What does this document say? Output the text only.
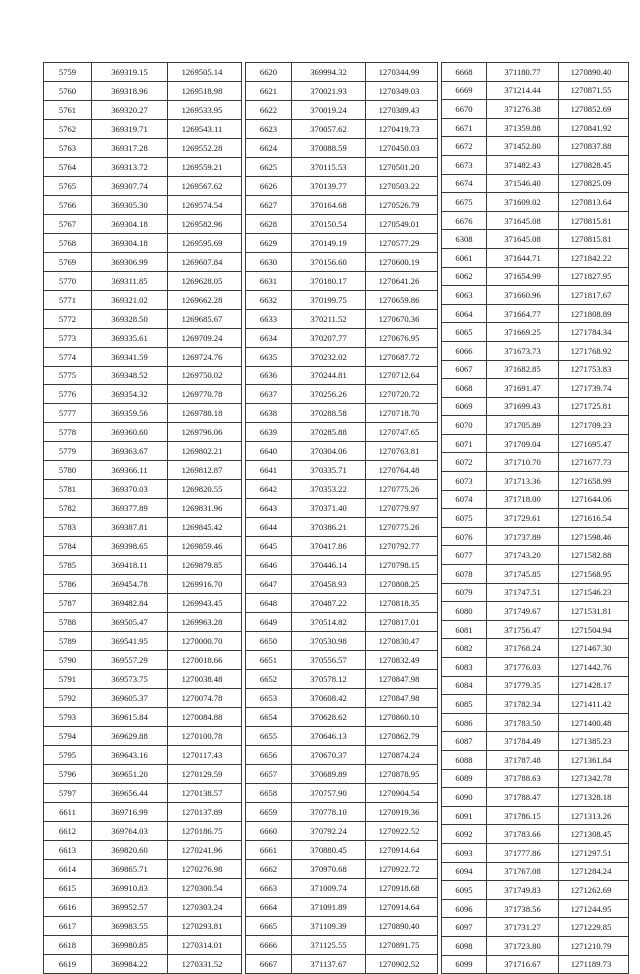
5759	369319.15	1269505.14
5760	369318.96	1269518.98
5761	369320.27	1269533.95
5762	369319.71	1269543.11
5763	369317.28	1269552.28
5764	369313.72	1269559.21
5765	369307.74	1269567.62
5766	369305.30	1269574.54
5767	369304.18	1269582.96
5768	369304.18	1269595.69
5769	369306.99	1269607.84
5770	369311.85	1269628.05
5771	369321.02	1269662.28
5772	369328.50	1269685.67
5773	369335.61	1269709.24
5774	369341.59	1269724.76
5775	369348.52	1269750.02
5776	369354.32	1269770.78
5777	369359.56	1269788.18
5778	369360.60	1269796.06
5779	369363.67	1269802.21
5780	369366.11	1269812.87
5781	369370.03	1269820.55
5782	369377.89	1269831.96
5783	369387.81	1269845.42
5784	369398.65	1269859.46
5785	369418.11	1269879.85
5786	369454.78	1269916.70
5787	369482.84	1269943.45
5788	369505.47	1269963.28
5789	369541.95	1270000.70
5790	369557.29	1270018.66
5791	369573.75	1270038.48
5792	369605.37	1270074.78
5793	369615.84	1270084.88
5794	369629.88	1270100.78
5795	369643.16	1270117.43
5796	369651.20	1270129.59
5797	369656.44	1270138.57
6611	369716.99	1270137.89
6612	369764.03	1270186.75
6613	369820.60	1270241.96
6614	369865.71	1270276.98
6615	369910.83	1270300.54
6616	369952.57	1270303.24
6617	369983.55	1270293.81
6618	369980.85	1270314.01
6619	369984.22	1270331.52
6620	369994.32	1270344.99
6621	370021.93	1270349.03
6622	370019.24	1270389.43
6623	370057.62	1270419.73
6624	370088.59	1270450.03
6625	370115.53	1270501.20
6626	370139.77	1270503.22
6627	370164.68	1270526.79
6628	370150.54	1270549.01
6629	370149.19	1270577.29
6630	370156.60	1270600.19
6631	370180.17	1270641.26
6632	370199.75	1270659.86
6633	370211.52	1270670.36
6634	370207.77	1270676.95
6635	370232.02	1270687.72
6636	370244.81	1270712.64
6637	370256.26	1270720.72
6638	370288.58	1270718.70
6639	370285.88	1270747.65
6640	370304.06	1270763.81
6641	370335.71	1270764.48
6642	370353.22	1270775.26
6643	370371.40	1270779.97
6644	370386.21	1270775.26
6645	370417.86	1270792.77
6646	370446.14	1270798.15
6647	370458.93	1270808.25
6648	370487.22	1270818.35
6649	370514.82	1270817.01
6650	370530.98	1270830.47
6651	370556.57	1270832.49
6652	370578.12	1270847.98
6653	370608.42	1270847.98
6654	370628.62	1270860.10
6655	370646.13	1270862.79
6656	370670.37	1270874.24
6657	370689.89	1270878.95
6658	370757.90	1270904.54
6659	370778.10	1270919.36
6660	370792.24	1270922.52
6661	370880.45	1270914.64
6662	370970.68	1270922.72
6663	371009.74	1270918.68
6664	371091.89	1270914.64
6665	371109.39	1270890.40
6666	371125.55	1270891.75
6667	371137.67	1270902.52
6668	371180.77	1270890.40
6669	371214.44	1270871.55
6670	371276.38	1270852.69
6671	371359.88	1270841.92
6672	371452.80	1270837.88
6673	371482.43	1270828.45
6674	371546.40	1270825.09
6675	371609.02	1270813.64
6676	371645.08	1270815.81
6308	371645.08	1270815.81
6061	371644.71	1271842.22
6062	371654.99	1271827.95
6063	371660.96	1271817.67
6064	371664.77	1271808.89
6065	371669.25	1271784.34
6066	371673.73	1271768.92
6067	371682.85	1271753.83
6068	371691.47	1271739.74
6069	371699.43	1271725.81
6070	371705.89	1271709.23
6071	371709.04	1271695.47
6072	371710.70	1271677.73
6073	371713.36	1271658.99
6074	371718.00	1271644.06
6075	371729.61	1271616.54
6076	371737.89	1271598.46
6077	371743.20	1271582.88
6078	371745.85	1271568.95
6079	371747.51	1271546.23
6080	371749.67	1271531.81
6081	371756.47	1271504.94
6082	371768.24	1271467.30
6083	371776.03	1271442.76
6084	371779.35	1271428.17
6085	371782.34	1271411.42
6086	371783.50	1271400.48
6087	371784.49	1271385.23
6088	371787.48	1271361.84
6089	371788.63	1271342.78
6090	371788.47	1271328.18
6091	371786.15	1271313.26
6092	371783.66	1271308.45
6093	371777.86	1271297.51
6094	371767.08	1271284.24
6095	371749.83	1271262.69
6096	371738.56	1271244.95
6097	371731.27	1271229.85
6098	371723.80	1271210.79
6099	371716.67	1271189.73
